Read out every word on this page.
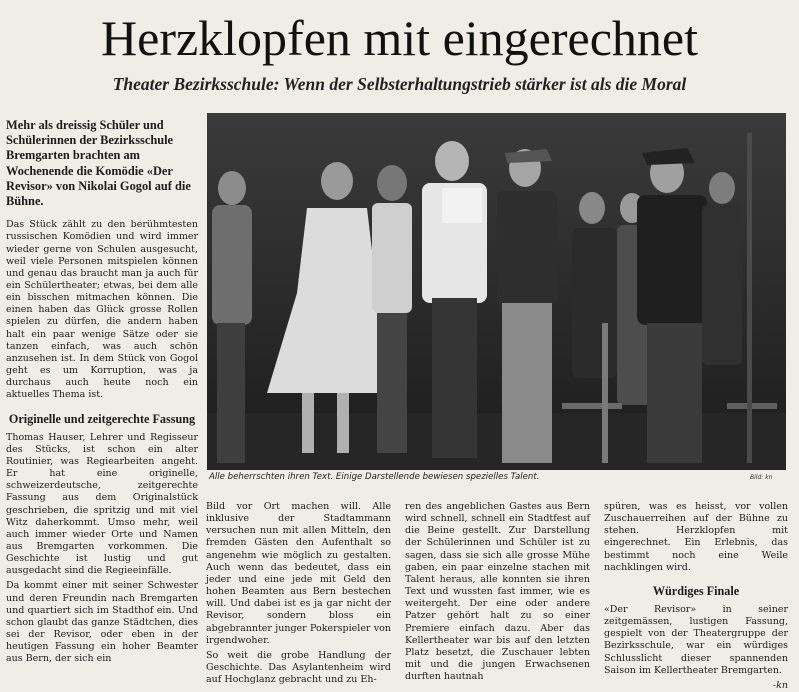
Herzklopfen mit eingerechnet

Theater Bezirksschule: Wenn der Selbsterhaltungstrieb stärker ist als die Moral

Mehr als dreissig Schüler und Schülerinnen der Bezirksschule Bremgarten brachten am Wochenende die Komödie «Der Revisor» von Nikolai Gogol auf die Bühne.

Das Stück zählt zu den berühmtesten russischen Komödien und wird immer wieder gerne von Schulen ausgesucht, weil viele Personen mitspielen können und genau das braucht man ja auch für ein Schülertheater; etwas, bei dem alle ein bisschen mitmachen können. Die einen haben das Glück grosse Rollen spielen zu dürfen, die andern haben halt ein paar wenige Sätze oder sie tanzen einfach, was auch schön anzusehen ist. In dem Stück von Gogol geht es um Korruption, was ja durchaus auch heute noch ein aktuelles Thema ist.

Originelle und zeitgerechte Fassung

Thomas Hauser, Lehrer und Regisseur des Stücks, ist schon ein alter Routinier, was Regiearbeiten angeht. Er hat eine originelle, schweizerdeutsche, zeitgerechte Fassung aus dem Originalstück geschrieben, die spritzig und mit viel Witz daherkommt. Umso mehr, weil auch immer wieder Orte und Namen aus Bremgarten vorkommen. Die Geschichte ist lustig und gut ausgedacht sind die Regieeinfälle.

Da kommt einer mit seiner Schwester und deren Freundin nach Bremgarten und quartiert sich im Stadthof ein. Und schon glaubt das ganze Städtchen, dies sei der Revisor, oder eben in der heutigen Fassung ein hoher Beamter aus Bern, der sich ein

Alle beherrschten ihren Text. Einige Darstellende bewiesen spezielles Talent.	Bild: kn

Bild vor Ort machen will. Alle inklusive der Stadtammann versuchen nun mit allen Mitteln, den fremden Gästen den Aufenthalt so angenehm wie möglich zu gestalten. Auch wenn das bedeutet, dass ein jeder und eine jede mit Geld den hohen Beamten aus Bern bestechen will. Und dabei ist es ja gar nicht der Revisor, sondern bloss ein abgebrannter junger Pokerspieler von irgendwoher.

So weit die grobe Handlung der Geschichte. Das Asylantenheim wird auf Hochglanz gebracht und zu Eh-

ren des angeblichen Gastes aus Bern wird schnell, schnell ein Stadtfest auf die Beine gestellt. Zur Darstellung der Schülerinnen und Schüler ist zu sagen, dass sie sich alle grosse Mühe gaben, ein paar einzelne stachen mit Talent heraus, alle konnten sie ihren Text und wussten fast immer, wie es weitergeht. Der eine oder andere Patzer gehört halt zu so einer Premiere einfach dazu. Aber das Kellertheater war bis auf den letzten Platz besetzt, die Zuschauer lebten mit und die jungen Erwachsenen durften hautnah

spüren, was es heisst, vor vollen Zuschauerreihen auf der Bühne zu stehen. Herzklopfen mit eingerechnet. Ein Erlebnis, das bestimmt noch eine Weile nachklingen wird.

Würdiges Finale

«Der Revisor» in seiner zeitgemässen, lustigen Fassung, gespielt von der Theatergruppe der Bezirksschule, war ein würdiges Schlusslicht dieser spannenden Saison im Kellertheater Bremgarten.

-kn
